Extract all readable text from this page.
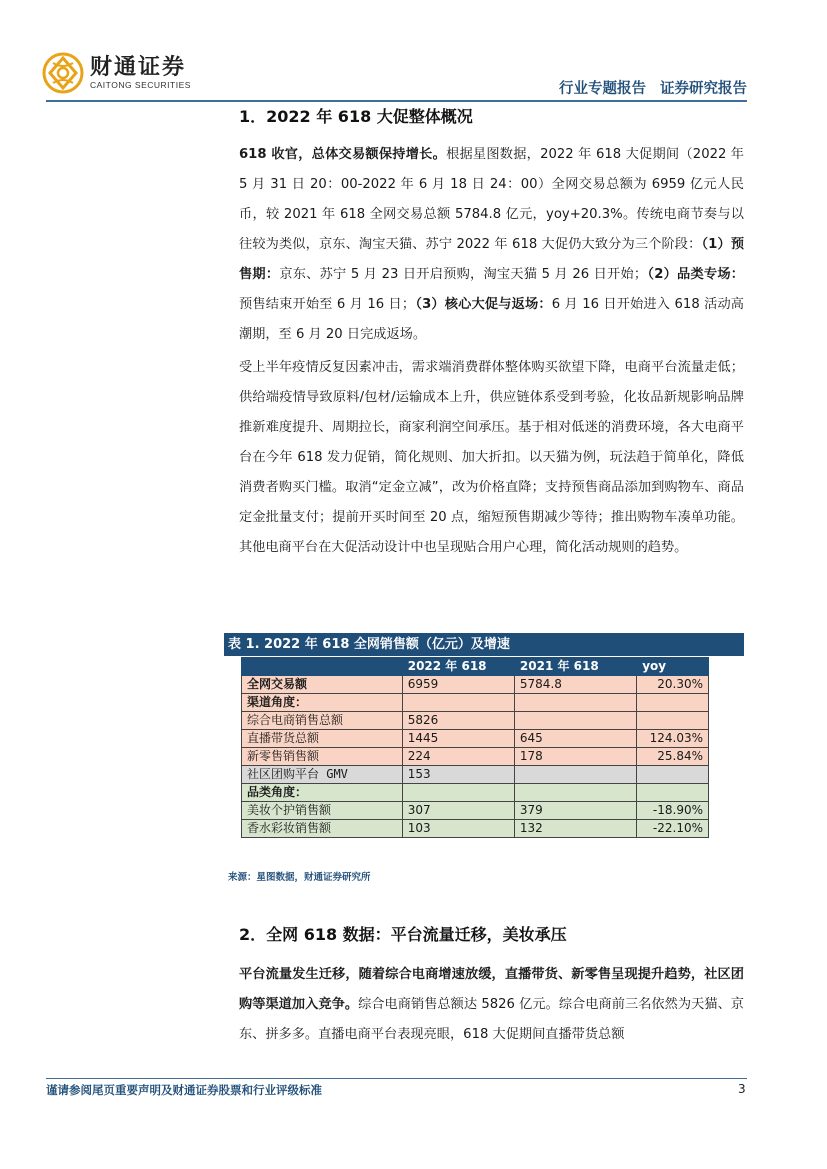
财通证券
CAITONG SECURITIES	行业专题报告 证券研究报告
1．2022 年 618 大促整体概况
618 收官，总体交易额保持增长。根据星图数据，2022 年 618 大促期间（2022 年 5 月 31 日 20：00-2022 年 6 月 18 日 24：00）全网交易总额为 6959 亿元人民币，较 2021 年 618 全网交易总额 5784.8 亿元，yoy+20.3%。传统电商节奏与以往较为类似，京东、淘宝天猫、苏宁 2022 年 618 大促仍大致分为三个阶段：（1）预售期：京东、苏宁 5 月 23 日开启预购，淘宝天猫 5 月 26 日开始；（2）品类专场：预售结束开始至 6 月 16 日；（3）核心大促与返场：6 月 16 日开始进入 618 活动高潮期，至 6 月 20 日完成返场。
受上半年疫情反复因素冲击，需求端消费群体整体购买欲望下降，电商平台流量走低；供给端疫情导致原料/包材/运输成本上升，供应链体系受到考验，化妆品新规影响品牌推新难度提升、周期拉长，商家利润空间承压。基于相对低迷的消费环境，各大电商平台在今年 618 发力促销，简化规则、加大折扣。以天猫为例，玩法趋于简单化，降低消费者购买门槛。取消“定金立减”，改为价格直降；支持预售商品添加到购物车、商品定金批量支付；提前开买时间至 20 点，缩短预售期减少等待；推出购物车凑单功能。其他电商平台在大促活动设计中也呈现贴合用户心理，简化活动规则的趋势。
表 1. 2022 年 618 全网销售额（亿元）及增速
	2022 年 618	2021 年 618	yoy
全网交易额	6959	5784.8	20.30%
渠道角度：			
综合电商销售总额	5826		
直播带货总额	1445	645	124.03%
新零售销售额	224	178	25.84%
社区团购平台 GMV	153		
品类角度：			
美妆个护销售额	307	379	-18.90%
香水彩妆销售额	103	132	-22.10%
来源：星图数据，财通证券研究所
2．全网 618 数据：平台流量迁移，美妆承压
平台流量发生迁移，随着综合电商增速放缓，直播带货、新零售呈现提升趋势，社区团购等渠道加入竞争。综合电商销售总额达 5826 亿元。综合电商前三名依然为天猫、京东、拼多多。直播电商平台表现亮眼，618 大促期间直播带货总额
谨请参阅尾页重要声明及财通证券股票和行业评级标准	3
